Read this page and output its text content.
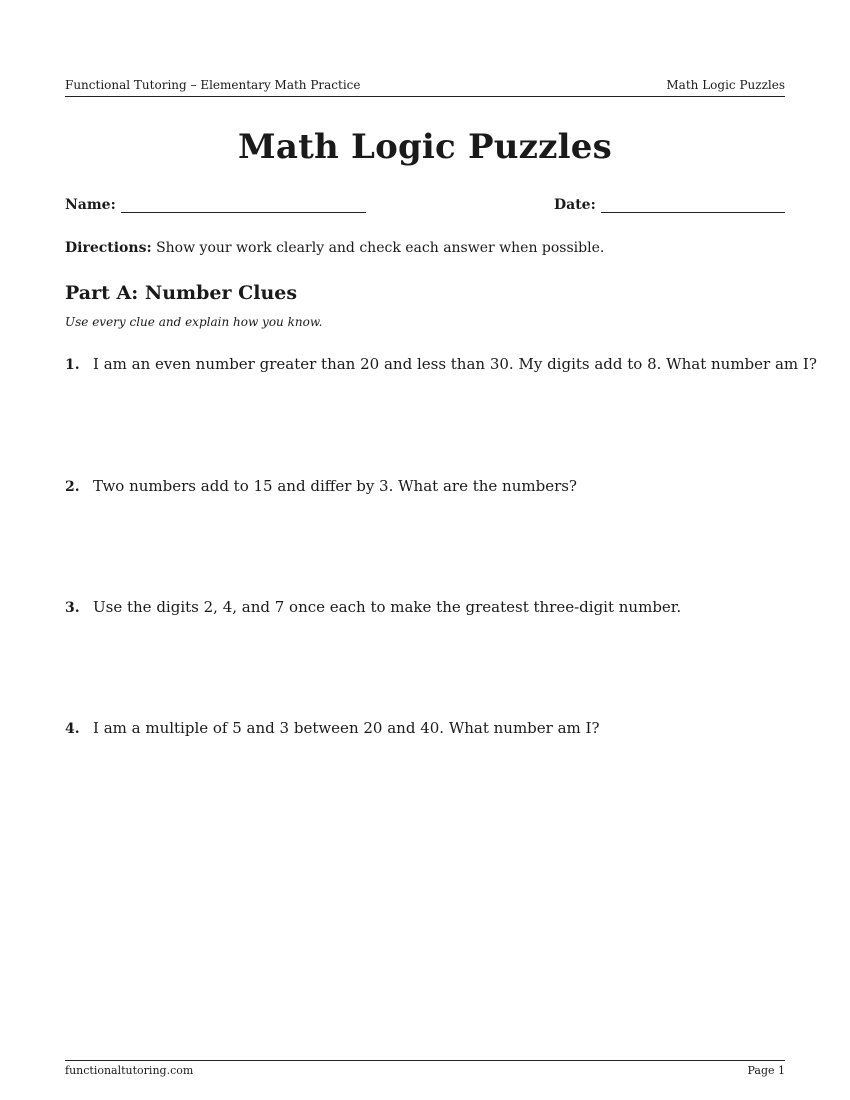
Functional Tutoring – Elementary Math Practice	Math Logic Puzzles
Math Logic Puzzles
Name:	Date:
Directions: Show your work clearly and check each answer when possible.
Part A: Number Clues
Use every clue and explain how you know.
1. I am an even number greater than 20 and less than 30. My digits add to 8. What number am I?
2. Two numbers add to 15 and differ by 3. What are the numbers?
3. Use the digits 2, 4, and 7 once each to make the greatest three-digit number.
4. I am a multiple of 5 and 3 between 20 and 40. What number am I?
functionaltutoring.com	Page 1
